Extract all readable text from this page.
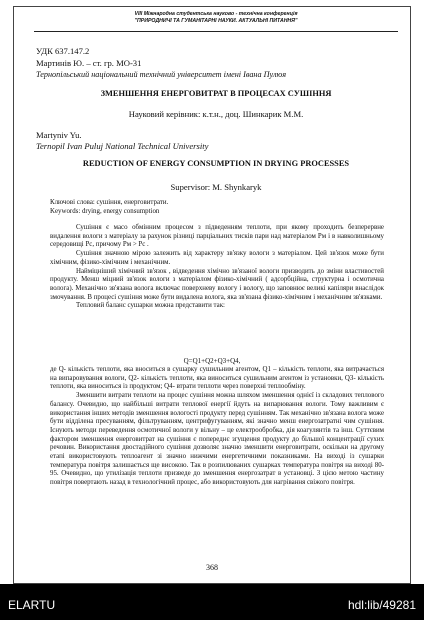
VIII Міжнародна студентська науково - технічна конференція
"ПРИРОДНИЧІ ТА ГУМАНІТАРНІ НАУКИ. АКТУАЛЬНІ ПИТАННЯ"
УДК 637.147.2
Мартинів Ю. – ст. гр. МО-31
Тернопільський національний технічний університет імені Івана Пулюя
ЗМЕНШЕННЯ ЕНЕРГОВИТРАТ В ПРОЦЕСАХ СУШІННЯ
Науковий керівник: к.т.н., доц. Шинкарик М.М.
Martyniv Yu.
Ternopil Ivan Puluj National Technical University
REDUCTION OF ENERGY CONSUMPTION IN DRYING PROCESSES
Supervisor: M. Shynkaryk
Ключові слова: сушіння, енерговитрати.
Keywords: drying, energy consumption

Сушіння є масо обмінним процесом з підведенням теплоти, при якому проходить безперервне видалення вологи з матеріалу за рахунок різниці парціальних тисків пари над матеріалом Pм і в навколишньому середовищі Pс, причому Pм > Pс .

Сушіння значною мірою залежить від характеру зв'язку вологи з матеріалом. Цей зв'язок може бути хімічним, фізико-хімічним і механічним.

Найміцніший хімічний зв'язок , відведення хімічно зв'язаної вологи призводить до зміни властивостей продукту. Менш міцний зв'язок вологи з матеріалом фізико-хімічний ( адсорбційна, структурна і осмотична волога). Механічно зв'язана волога включає поверхневу вологу і вологу, що заповнює великі капіляри внаслідок змочування. В процесі сушіння може бути видалена волога, яка зв'язана фізико-хімічним і механічним зв'язками.

Тепловий баланс сушарки можна представити так:

Q=Q1+Q2+Q3+Q4,

де Q- кількість теплоти, яка вноситься в сушарку сушильним агентом, Q1 – кількість теплоти, яка витрачається на випаровування вологи, Q2- кількість теплоти, яка виноситься сушильним агентом із установки, Q3- кількість теплоти, яка виноситься із продуктом; Q4- втрати теплоти через поверхні теплообміну.

Зменшити витрати теплоти на процес сушіння можна шляхом зменшення однієї із складових теплового балансу. Очевидно, що найбільші витрати теплової енергії йдуть на випарювання вологи. Тому важливим є використання інших методів зменшення вологості продукту перед сушінням. Так механічно зв'язана волога може бути відділена пресуванням, фільтруванням, центрифугуванням, які значно менш енергозатратні чим сушіння. Існують методи переведення осмотичної вологи у вільну – це електрообробка, дія коагулянтів та інш. Суттєвим фактором зменшення енерговитрат на сушіння є попереднє згущення продукту до більшої концентрації сухих речовин. Використання двостадійного сушіння дозволяє значно зменшити енерговитрати, оскільки на другому етапі використовують теплоагент зі значно нижчими енергетичними показниками. На виході із сушарки температура повітря залишається ще високою. Так в розпилюваних сушарках температура повітря на виході 80-95. Очевидно, що утилізація теплоти призведе до зменшення енергозатрат в установці. З цією метою частину повітря повертають назад в технологічний процес, або використовують для нагрівання свіжого повітря.

368
ELARTU	hdl:lib/49281
